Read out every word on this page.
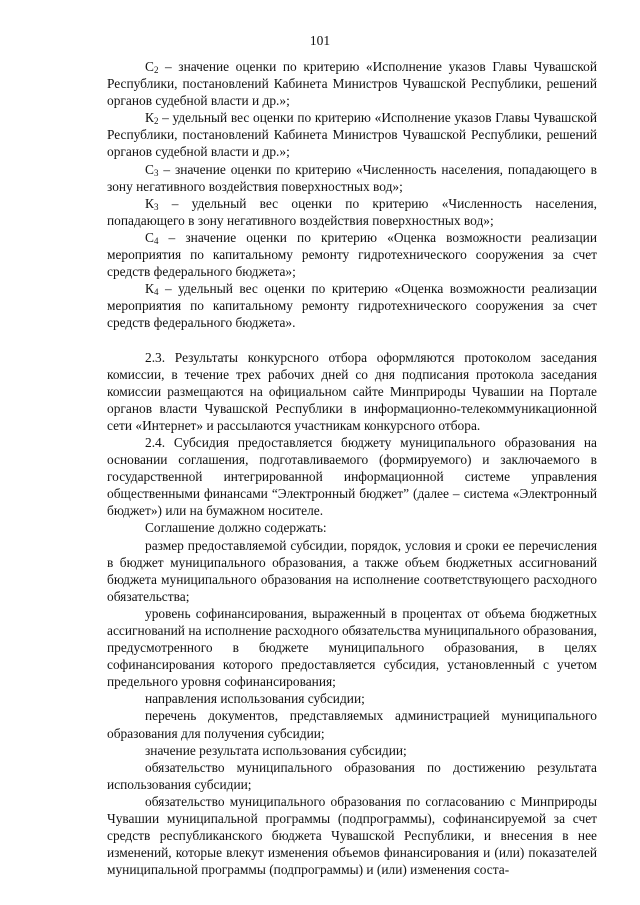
101

$С_2$ – значение оценки по критерию «Исполнение указов Главы Чувашской Республики, постановлений Кабинета Министров Чувашской Республики, решений органов судебной власти и др.»;

$К_2$ – удельный вес оценки по критерию «Исполнение указов Главы Чувашской Республики, постановлений Кабинета Министров Чувашской Республики, решений органов судебной власти и др.»;

$С_3$ – значение оценки по критерию «Численность населения, попадающего в зону негативного воздействия поверхностных вод»;

$К_3$ – удельный вес оценки по критерию «Численность населения, попадающего в зону негативного воздействия поверхностных вод»;

$С_4$ – значение оценки по критерию «Оценка возможности реализации мероприятия по капитальному ремонту гидротехнического сооружения за счет средств федерального бюджета»;

$К_4$ – удельный вес оценки по критерию «Оценка возможности реализации мероприятия по капитальному ремонту гидротехнического сооружения за счет средств федерального бюджета».

2.3. Результаты конкурсного отбора оформляются протоколом заседания комиссии, в течение трех рабочих дней со дня подписания протокола заседания комиссии размещаются на официальном сайте Минприроды Чувашии на Портале органов власти Чувашской Республики в информационно-телекоммуникационной сети «Интернет» и рассылаются участникам конкурсного отбора.

2.4. Субсидия предоставляется бюджету муниципального образования на основании соглашения, подготавливаемого (формируемого) и заключаемого в государственной интегрированной информационной системе управления общественными финансами “Электронный бюджет” (далее – система «Электронный бюджет») или на бумажном носителе.

Соглашение должно содержать:

размер предоставляемой субсидии, порядок, условия и сроки ее перечисления в бюджет муниципального образования, а также объем бюджетных ассигнований бюджета муниципального образования на исполнение соответствующего расходного обязательства;

уровень софинансирования, выраженный в процентах от объема бюджетных ассигнований на исполнение расходного обязательства муниципального образования, предусмотренного в бюджете муниципального образования, в целях софинансирования которого предоставляется субсидия, установленный с учетом предельного уровня софинансирования;

направления использования субсидии;

перечень документов, представляемых администрацией муниципального образования для получения субсидии;

значение результата использования субсидии;

обязательство муниципального образования по достижению результата использования субсидии;

обязательство муниципального образования по согласованию с Минприроды Чувашии муниципальной программы (подпрограммы), софинансируемой за счет средств республиканского бюджета Чувашской Республики, и внесения в нее изменений, которые влекут изменения объемов финансирования и (или) показателей муниципальной программы (подпрограммы) и (или) изменения соста-
